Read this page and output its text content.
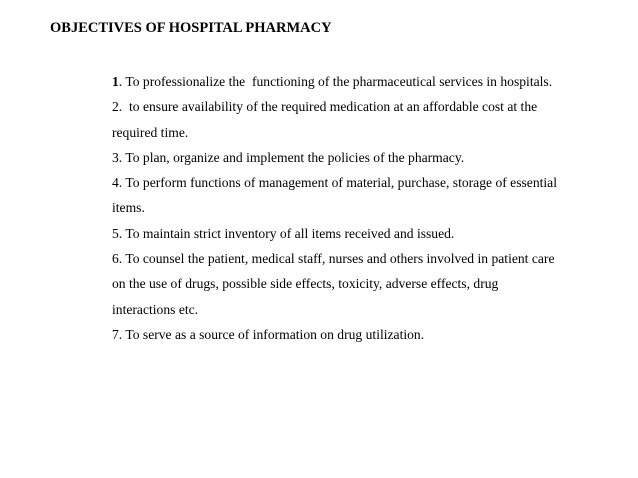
OBJECTIVES OF HOSPITAL PHARMACY
1. To professionalize the  functioning of the pharmaceutical services in hospitals.
2.  to ensure availability of the required medication at an affordable cost at the
required time.
3. To plan, organize and implement the policies of the pharmacy.
4. To perform functions of management of material, purchase, storage of essential
items.
5. To maintain strict inventory of all items received and issued.
6. To counsel the patient, medical staff, nurses and others involved in patient care
on the use of drugs, possible side effects, toxicity, adverse effects, drug
interactions etc.
7. To serve as a source of information on drug utilization.
